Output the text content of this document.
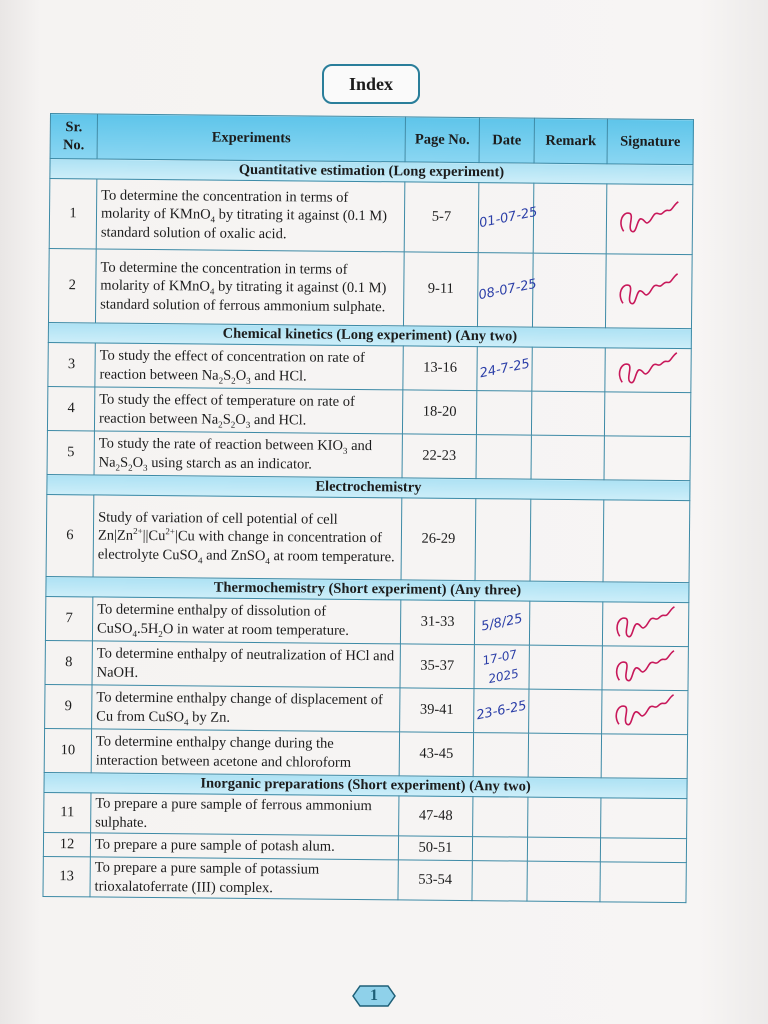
Index
Sr. No.	Experiments	Page No.	Date	Remark	Signature
Quantitative estimation (Long experiment)					
1	To determine the concentration in terms of molarity of KMnO$_4$ by titrating it against (0.1 M) standard solution of oxalic acid.	5-7	01-07-25		

2	To determine the concentration in terms of molarity of KMnO$_4$ by titrating it against (0.1 M) standard solution of ferrous ammonium sulphate.	9-11	08-07-25		

Chemical kinetics (Long experiment) (Any two)					
3	To study the effect of concentration on rate of reaction between $Na_2S_2O_3$ and HCl.	13-16	24-7-25		

4	To study the effect of temperature on rate of reaction between $Na_2S_2O_3$ and HCl.	18-20			
5	To study the rate of reaction between $KIO_3$ and $Na_2S_2O_3$ using starch as an indicator.	22-23			
Electrochemistry					
6	Study of variation of cell potential of cell $Zn|Zn^{2+}||Cu^{2+}|Cu$ with change in concentration of electrolyte CuSO$_4$ and ZnSO$_4$ at room temperature.	26-29			
Thermochemistry (Short experiment) (Any three)					
7	To determine enthalpy of dissolution of $CuSO_4.5H_2O$ in water at room temperature.	31-33	5/8/25		

8	To determine enthalpy of neutralization of HCl and NaOH.	35-37	17-07 2025		

9	To determine enthalpy change of displacement of Cu from CuSO$_4$ by Zn.	39-41	23-6-25		

10	To determine enthalpy change during the interaction between acetone and chloroform	43-45			
Inorganic preparations (Short experiment) (Any two)					
11	To prepare a pure sample of ferrous ammonium sulphate.	47-48			
12	To prepare a pure sample of potash alum.	50-51			
13	To prepare a pure sample of potassium trioxalatoferrate (III) complex.	53-54			
1
